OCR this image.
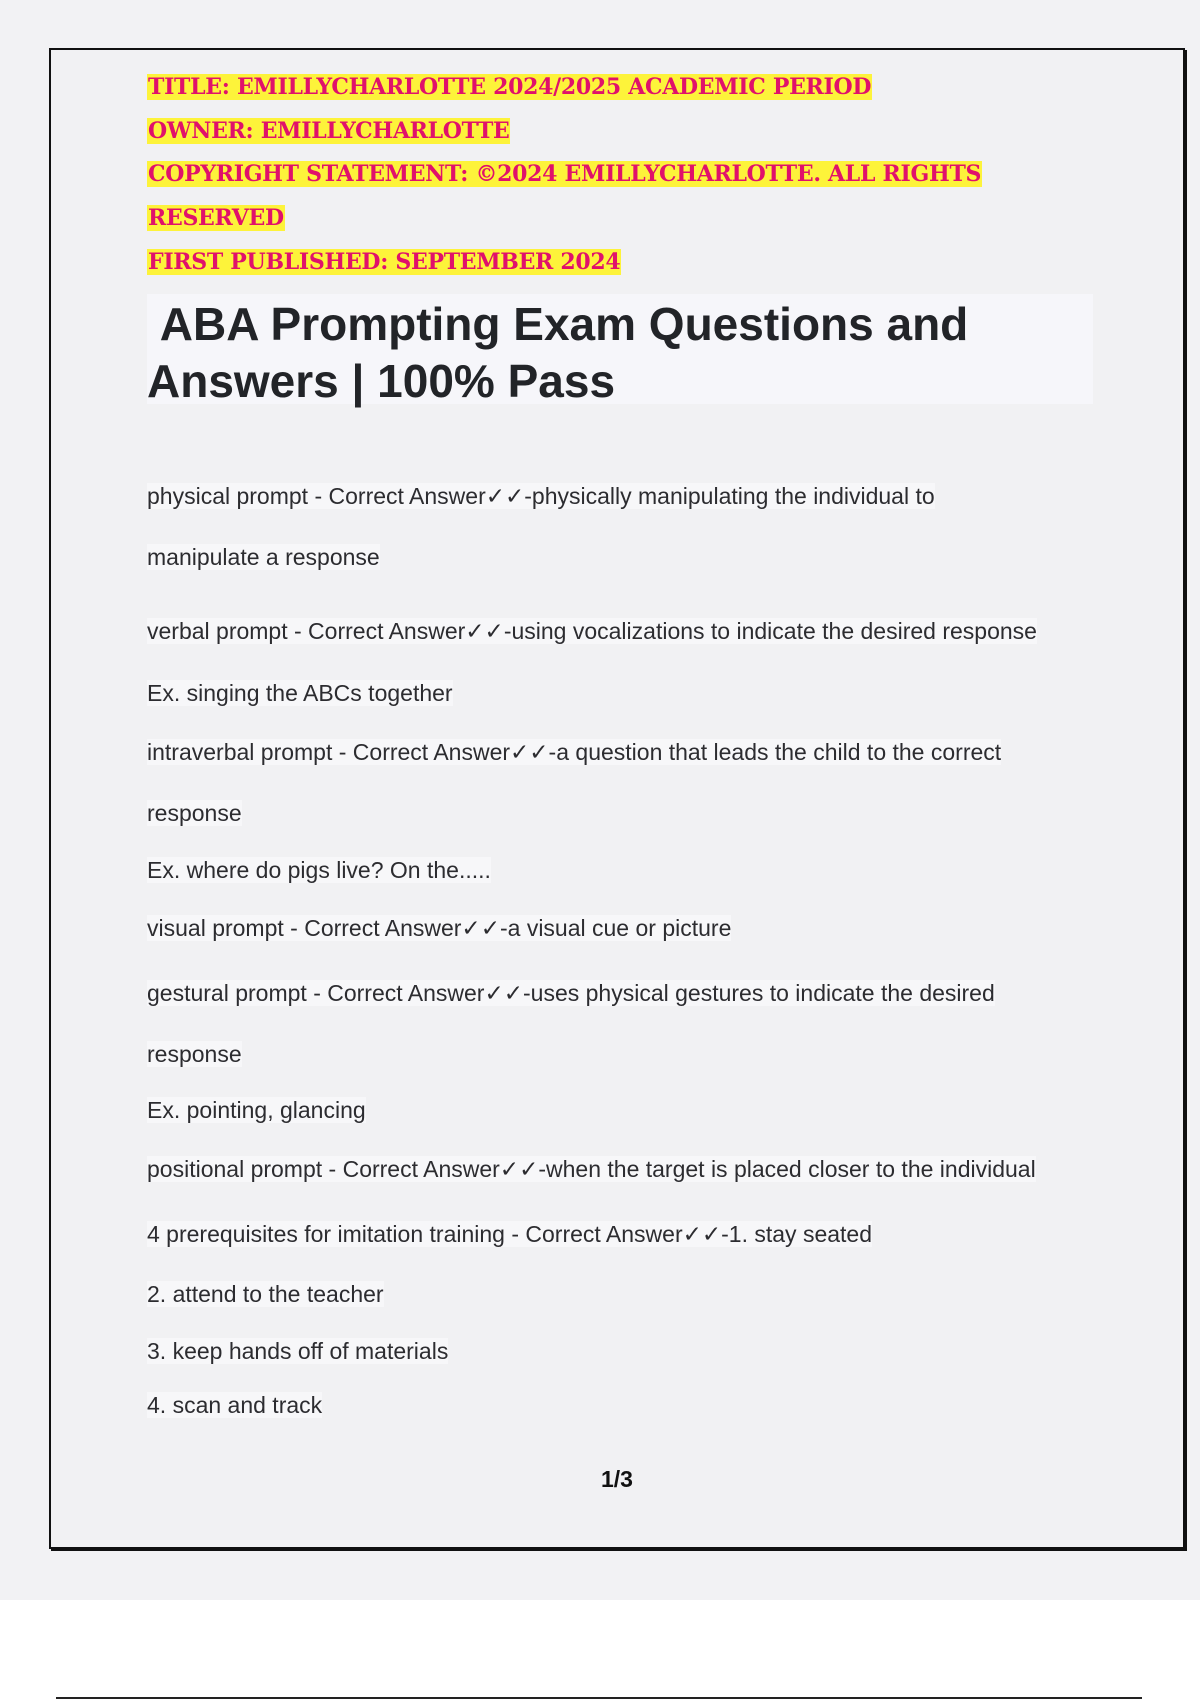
TITLE: EMILLYCHARLOTTE 2024/2025 ACADEMIC PERIOD
OWNER: EMILLYCHARLOTTE
COPYRIGHT STATEMENT: ©2024 EMILLYCHARLOTTE. ALL RIGHTS
RESERVED
FIRST PUBLISHED: SEPTEMBER 2024
ABA Prompting Exam Questions and
Answers | 100% Pass
physical prompt - Correct Answer✓✓-physically manipulating the individual to
manipulate a response
verbal prompt - Correct Answer✓✓-using vocalizations to indicate the desired response
Ex. singing the ABCs together
intraverbal prompt - Correct Answer✓✓-a question that leads the child to the correct
response
Ex. where do pigs live? On the.....
visual prompt - Correct Answer✓✓-a visual cue or picture
gestural prompt - Correct Answer✓✓-uses physical gestures to indicate the desired
response
Ex. pointing, glancing
positional prompt - Correct Answer✓✓-when the target is placed closer to the individual
4 prerequisites for imitation training - Correct Answer✓✓-1. stay seated
2. attend to the teacher
3. keep hands off of materials
4. scan and track
1/3
